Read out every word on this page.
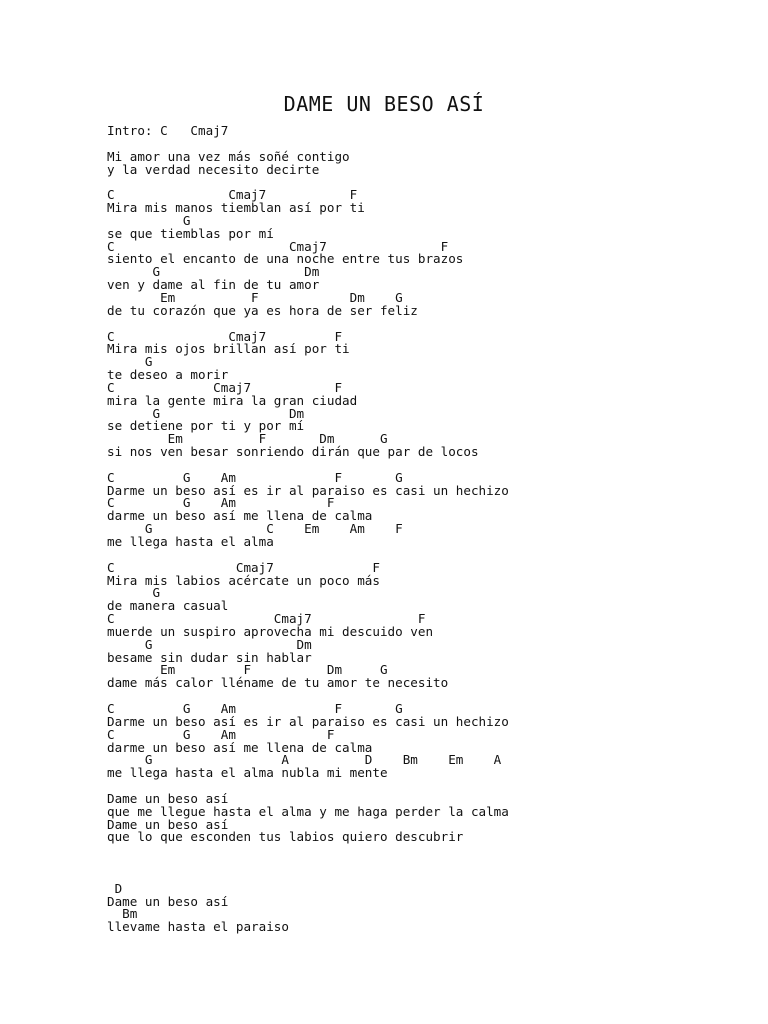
DAME UN BESO ASÍ
Intro: C   Cmaj7
Mi amor una vez más soñé contigo
y la verdad necesito decirte
C               Cmaj7           F
Mira mis manos tiemblan así por ti
G
se que tiemblas por mí
C                       Cmaj7               F
siento el encanto de una noche entre tus brazos
G                   Dm
ven y dame al fin de tu amor
Em          F            Dm    G
de tu corazón que ya es hora de ser feliz
C               Cmaj7         F
Mira mis ojos brillan así por ti
G
te deseo a morir
C             Cmaj7           F
mira la gente mira la gran ciudad
G                 Dm
se detiene por ti y por mí
Em          F       Dm      G
si nos ven besar sonriendo dirán que par de locos
C         G    Am             F       G
Darme un beso así es ir al paraiso es casi un hechizo
C         G    Am            F
darme un beso así me llena de calma
G               C    Em    Am    F
me llega hasta el alma
C                Cmaj7             F
Mira mis labios acércate un poco más
G
de manera casual
C                     Cmaj7              F
muerde un suspiro aprovecha mi descuido ven
G                   Dm
besame sin dudar sin hablar
Em         F          Dm     G
dame más calor lléname de tu amor te necesito
C         G    Am             F       G
Darme un beso así es ir al paraiso es casi un hechizo
C         G    Am            F
darme un beso así me llena de calma
G                 A          D    Bm    Em    A
me llega hasta el alma nubla mi mente
Dame un beso así
que me llegue hasta el alma y me haga perder la calma
Dame un beso así
que lo que esconden tus labios quiero descubrir
D
Dame un beso así
Bm
llevame hasta el paraiso
